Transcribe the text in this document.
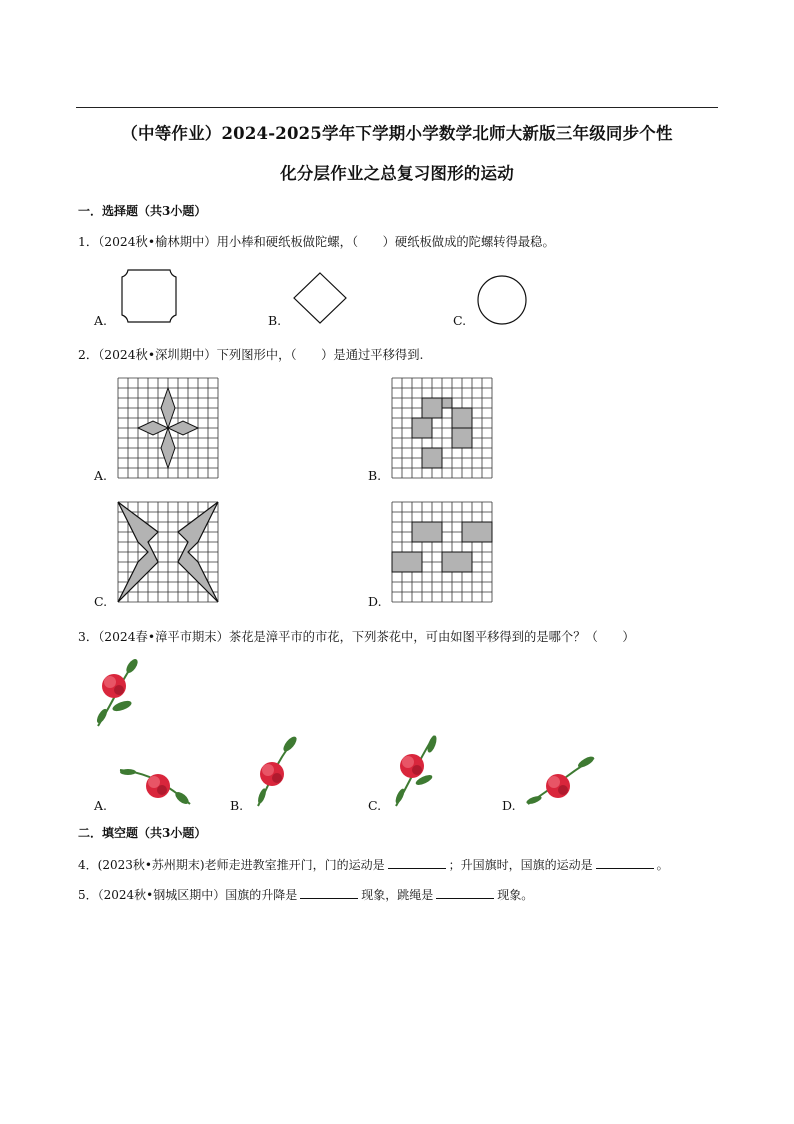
（中等作业）2024-2025学年下学期小学数学北师大新版三年级同步个性
化分层作业之总复习图形的运动
一．选择题（共3小题）
1．（2024秋•榆林期中）用小棒和硬纸板做陀螺，（　　）硬纸板做成的陀螺转得最稳。
A.	B.	C.
2．（2024秋•深圳期中）下列图形中，（　　）是通过平移得到.
A.	B.
C.	D.
3．（2024春•漳平市期末）茶花是漳平市的市花，下列茶花中，可由如图平移得到的是哪个？（　　）
A.	B.	C.	D.
二．填空题（共3小题）
4．(2023秋•苏州期末)老师走进教室推开门，门的运动是	；升国旗时，国旗的运动是	。
5．（2024秋•钢城区期中）国旗的升降是	现象，跳绳是	现象。
